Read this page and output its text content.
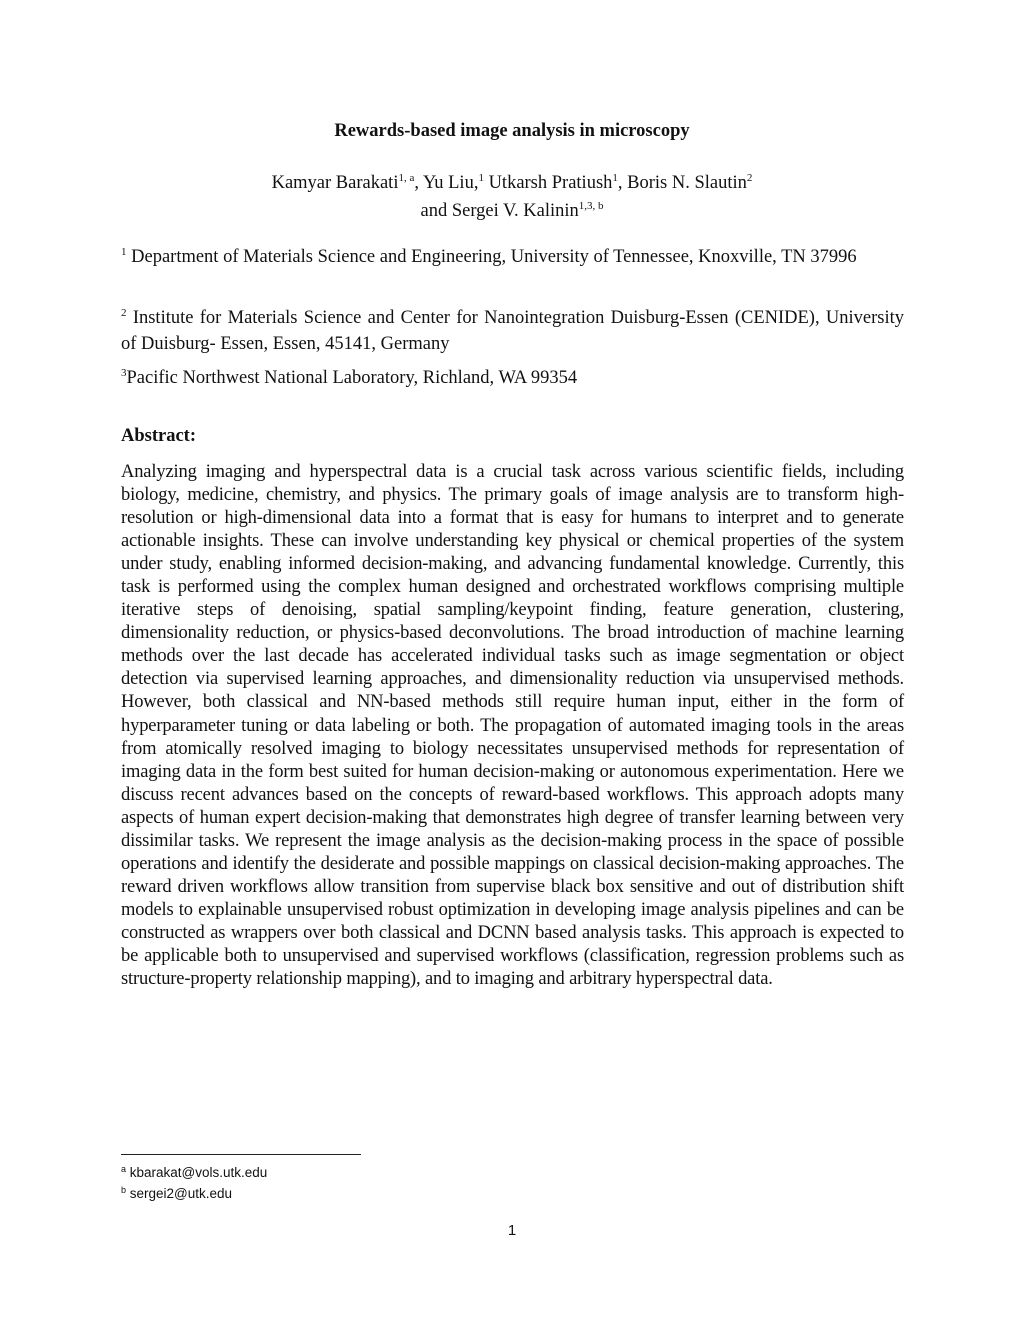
Rewards-based image analysis in microscopy
Kamyar Barakati$^{1, a}$, Yu Liu,$^1$ Utkarsh Pratiush$^1$, Boris N. Slautin$^2$
and Sergei V. Kalinin$^{1,3, b}$
$^1$ Department of Materials Science and Engineering, University of Tennessee, Knoxville, TN 37996
$^2$ Institute for Materials Science and Center for Nanointegration Duisburg-Essen (CENIDE), University of Duisburg- Essen, Essen, 45141, Germany
$^3$Pacific Northwest National Laboratory, Richland, WA 99354
Abstract:
Analyzing imaging and hyperspectral data is a crucial task across various scientific fields, including biology, medicine, chemistry, and physics. The primary goals of image analysis are to transform high-resolution or high-dimensional data into a format that is easy for humans to interpret and to generate actionable insights. These can involve understanding key physical or chemical properties of the system under study, enabling informed decision-making, and advancing fundamental knowledge. Currently, this task is performed using the complex human designed and orchestrated workflows comprising multiple iterative steps of denoising, spatial sampling/keypoint finding, feature generation, clustering, dimensionality reduction, or physics-based deconvolutions. The broad introduction of machine learning methods over the last decade has accelerated individual tasks such as image segmentation or object detection via supervised learning approaches, and dimensionality reduction via unsupervised methods. However, both classical and NN-based methods still require human input, either in the form of hyperparameter tuning or data labeling or both. The propagation of automated imaging tools in the areas from atomically resolved imaging to biology necessitates unsupervised methods for representation of imaging data in the form best suited for human decision-making or autonomous experimentation. Here we discuss recent advances based on the concepts of reward-based workflows. This approach adopts many aspects of human expert decision-making that demonstrates high degree of transfer learning between very dissimilar tasks. We represent the image analysis as the decision-making process in the space of possible operations and identify the desiderate and possible mappings on classical decision-making approaches. The reward driven workflows allow transition from supervise black box sensitive and out of distribution shift models to explainable unsupervised robust optimization in developing image analysis pipelines and can be constructed as wrappers over both classical and DCNN based analysis tasks. This approach is expected to be applicable both to unsupervised and supervised workflows (classification, regression problems such as structure-property relationship mapping), and to imaging and arbitrary hyperspectral data.
$^a$ kbarakat@vols.utk.edu
$^b$ sergei2@utk.edu
1
